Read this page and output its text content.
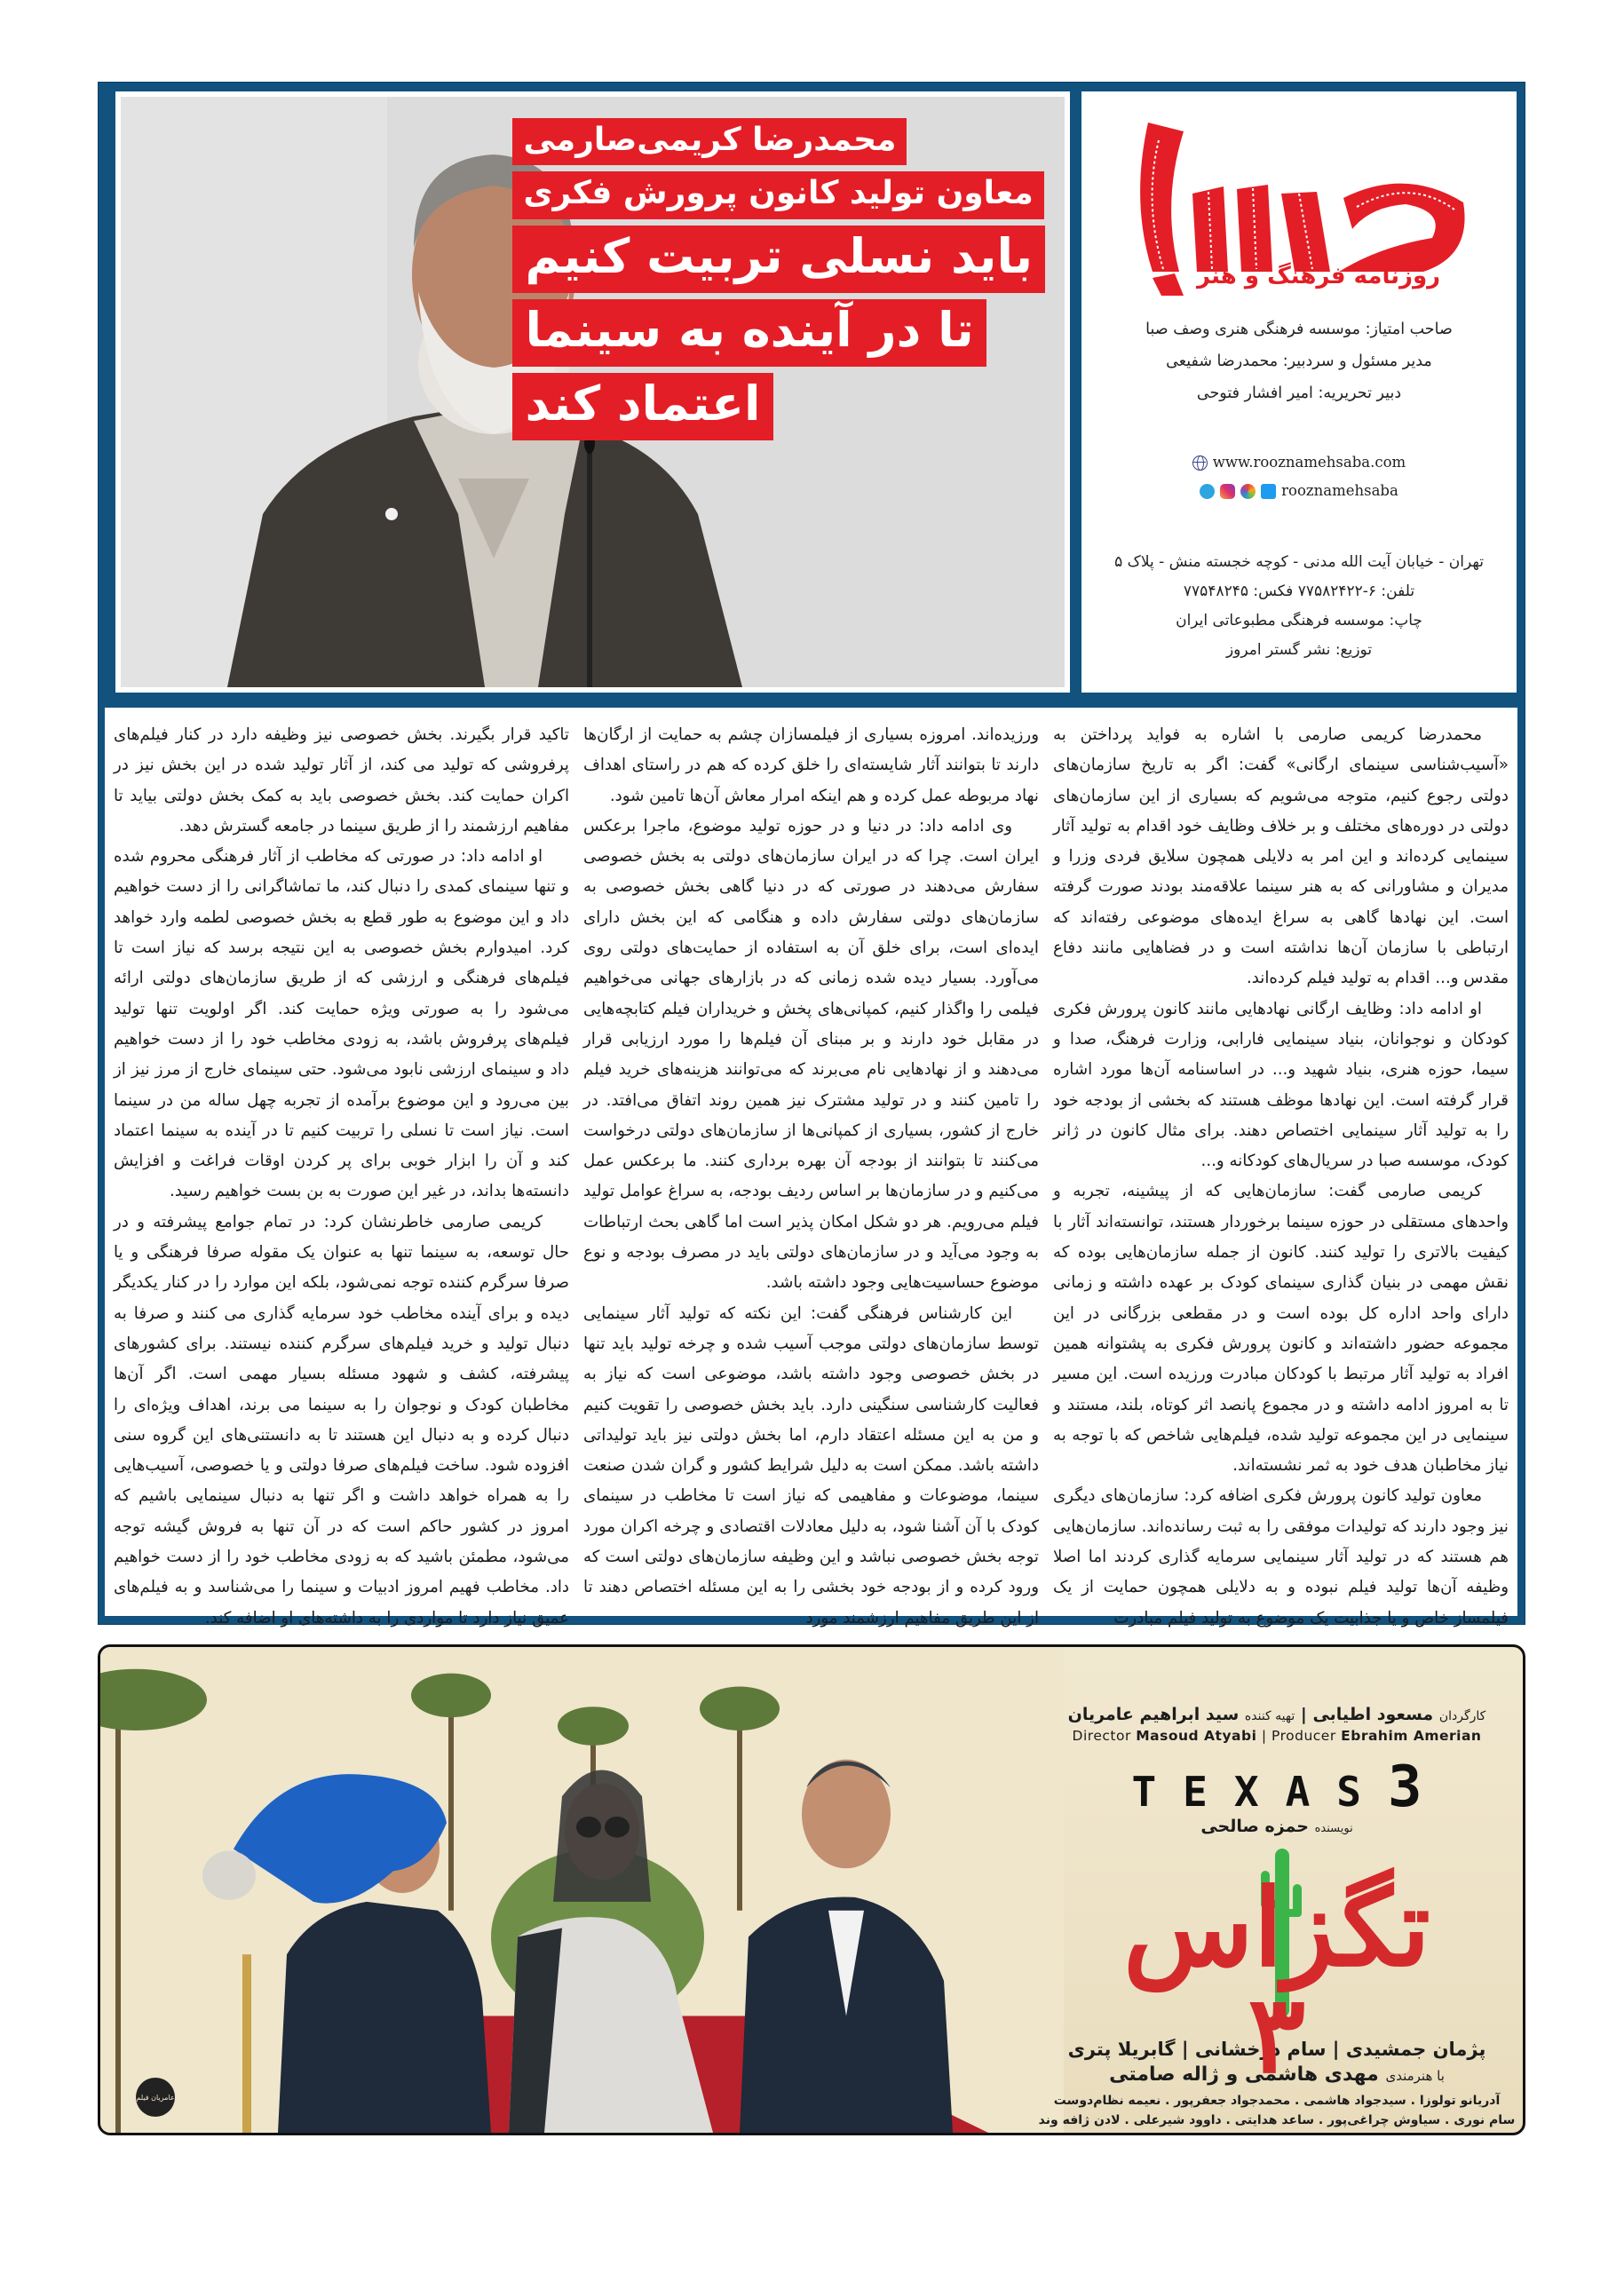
محمدرضا کریمی‌صارمی
معاون تولید کانون پرورش فکری
باید نسلی تربیت کنیم
تا در آینده به سینما
اعتماد کند
روزنامه فرهنگ و هنر
صاحب امتیاز: موسسه فرهنگی هنری وصف صبا
مدیر مسئول و سردبیر: محمدرضا شفیعی
دبیر تحریریه: امیر افشار فتوحی
www.rooznamehsaba.com
rooznamehsaba
تهران - خیابان آیت الله مدنی - کوچه خجسته منش - پلاک ۵
تلفن: ۶-۷۷۵۸۲۴۲۲ فکس: ۷۷۵۴۸۲۴۵
چاپ: موسسه فرهنگی مطبوعاتی ایران
توزیع: نشر گستر امروز

محمدرضا کریمی صارمی با اشاره به فواید پرداختن به «آسیب‌شناسی سینمای ارگانی» گفت: اگر به تاریخ سازمان‌های دولتی رجوع کنیم، متوجه می‌شویم که بسیاری از این سازمان‌های دولتی در دوره‌های مختلف و بر خلاف وظایف خود اقدام به تولید آثار سینمایی کرده‌اند و این امر به دلایلی همچون سلایق فردی وزرا و مدیران و مشاورانی که به هنر سینما علاقه‌مند بودند صورت گرفته است. این نهادها گاهی به سراغ ایده‌های موضوعی رفته‌اند که ارتباطی با سازمان آن‌ها نداشته است و در فضاهایی مانند دفاع مقدس و... اقدام به تولید فیلم کرده‌اند.

او ادامه داد: وظایف ارگانی نهادهایی مانند کانون پرورش فکری کودکان و نوجوانان، بنیاد سینمایی فارابی، وزارت فرهنگ، صدا و سیما، حوزه هنری، بنیاد شهید و... در اساسنامه آن‌ها مورد اشاره قرار گرفته است. این نهادها موظف هستند که بخشی از بودجه خود را به تولید آثار سینمایی اختصاص دهند. برای مثال کانون در ژانر کودک، موسسه صبا در سریال‌های کودکانه و...

کریمی صارمی گفت: سازمان‌هایی که از پیشینه، تجربه و واحدهای مستقلی در حوزه سینما برخوردار هستند، توانسته‌اند آثار با کیفیت بالاتری را تولید کنند. کانون از جمله سازمان‌هایی بوده که نقش مهمی در بنیان گذاری سینمای کودک بر عهده داشته و زمانی دارای واحد اداره کل بوده است و در مقطعی بزرگانی در این مجموعه حضور داشته‌اند و کانون پرورش فکری به پشتوانه همین افراد به تولید آثار مرتبط با کودکان مبادرت ورزیده است. این مسیر تا به امروز ادامه داشته و در مجموع پانصد اثر کوتاه، بلند، مستند و سینمایی در این مجموعه تولید شده، فیلم‌هایی شاخص که با توجه به نیاز مخاطبان هدف خود به ثمر نشسته‌اند.

معاون تولید کانون پرورش فکری اضافه کرد: سازمان‌های دیگری نیز وجود دارند که تولیدات موفقی را به ثبت رسانده‌اند. سازمان‌هایی هم هستند که در تولید آثار سینمایی سرمایه گذاری کردند اما اصلا وظیفه آن‌ها تولید فیلم نبوده و به دلایلی همچون حمایت از یک فیلمساز خاص و یا جذابیت یک موضوع به تولید فیلم مبادرت

ورزیده‌اند. امروزه بسیاری از فیلمسازان چشم به حمایت از ارگان‌ها دارند تا بتوانند آثار شایسته‌ای را خلق کرده که هم در راستای اهداف نهاد مربوطه عمل کرده و هم اینکه امرار معاش آن‌ها تامین شود.

وی ادامه داد: در دنیا و در حوزه تولید موضوع، ماجرا برعکس ایران است. چرا که در ایران سازمان‌های دولتی به بخش خصوصی سفارش می‌دهند در صورتی که در دنیا گاهی بخش خصوصی به سازمان‌های دولتی سفارش داده و هنگامی که این بخش دارای ایده‌ای است، برای خلق آن به استفاده از حمایت‌های دولتی روی می‌آورد. بسیار دیده شده زمانی که در بازارهای جهانی می‌خواهیم فیلمی را واگذار کنیم، کمپانی‌های پخش و خریداران فیلم کتابچه‌هایی در مقابل خود دارند و بر مبنای آن فیلم‌ها را مورد ارزیابی قرار می‌دهند و از نهادهایی نام می‌برند که می‌توانند هزینه‌های خرید فیلم را تامین کنند و در تولید مشترک نیز همین روند اتفاق می‌افتد. در خارج از کشور، بسیاری از کمپانی‌ها از سازمان‌های دولتی درخواست می‌کنند تا بتوانند از بودجه آن بهره برداری کنند. ما برعکس عمل می‌کنیم و در سازمان‌ها بر اساس ردیف بودجه، به سراغ عوامل تولید فیلم می‌رویم. هر دو شکل امکان پذیر است اما گاهی بحث ارتباطات به وجود می‌آید و در سازمان‌های دولتی باید در مصرف بودجه و نوع موضوع حساسیت‌هایی وجود داشته باشد.

این کارشناس فرهنگی گفت: این نکته که تولید آثار سینمایی توسط سازمان‌های دولتی موجب آسیب شده و چرخه تولید باید تنها در بخش خصوصی وجود داشته باشد، موضوعی است که نیاز به فعالیت کارشناسی سنگینی دارد. باید بخش خصوصی را تقویت کنیم و من به این مسئله اعتقاد دارم، اما بخش دولتی نیز باید تولیداتی داشته باشد. ممکن است به دلیل شرایط کشور و گران شدن صنعت سینما، موضوعات و مفاهیمی که نیاز است تا مخاطب در سینمای کودک با آن آشنا شود، به دلیل معادلات اقتصادی و چرخه اکران مورد توجه بخش خصوصی نباشد و این وظیفه سازمان‌های دولتی است که ورود کرده و از بودجه خود بخشی را به این مسئله اختصاص دهند تا از این طریق مفاهیم ارزشمند مورد

تاکید قرار بگیرند. بخش خصوصی نیز وظیفه دارد در کنار فیلم‌های پرفروشی که تولید می کند، از آثار تولید شده در این بخش نیز در اکران حمایت کند. بخش خصوصی باید به کمک بخش دولتی بیاید تا مفاهیم ارزشمند را از طریق سینما در جامعه گسترش دهد.

او ادامه داد: در صورتی که مخاطب از آثار فرهنگی محروم شده و تنها سینمای کمدی را دنبال کند، ما تماشاگرانی را از دست خواهیم داد و این موضوع به طور قطع به بخش خصوصی لطمه وارد خواهد کرد. امیدوارم بخش خصوصی به این نتیجه برسد که نیاز است تا فیلم‌های فرهنگی و ارزشی که از طریق سازمان‌های دولتی ارائه می‌شود را به صورتی ویژه حمایت کند. اگر اولویت تنها تولید فیلم‌های پرفروش باشد، به زودی مخاطب خود را از دست خواهیم داد و سینمای ارزشی نابود می‌شود. حتی سینمای خارج از مرز نیز از بین می‌رود و این موضوع برآمده از تجربه چهل ساله من در سینما است. نیاز است تا نسلی را تربیت کنیم تا در آینده به سینما اعتماد کند و آن را ابزار خوبی برای پر کردن اوقات فراغت و افزایش دانسته‌ها بداند، در غیر این صورت به بن بست خواهیم رسید.

کریمی صارمی خاطرنشان کرد: در تمام جوامع پیشرفته و در حال توسعه، به سینما تنها به عنوان یک مقوله صرفا فرهنگی و یا صرفا سرگرم کننده توجه نمی‌شود، بلکه این موارد را در کنار یکدیگر دیده و برای آینده مخاطب خود سرمایه گذاری می کنند و صرفا به دنبال تولید و خرید فیلم‌های سرگرم کننده نیستند. برای کشورهای پیشرفته، کشف و شهود مسئله بسیار مهمی است. اگر آن‌ها مخاطبان کودک و نوجوان را به سینما می برند، اهداف ویژه‌ای را دنبال کرده و به دنبال این هستند تا به دانستنی‌های این گروه سنی افزوده شود. ساخت فیلم‌های صرفا دولتی و یا خصوصی، آسیب‌هایی را به همراه خواهد داشت و اگر تنها به دنبال سینمایی باشیم که امروز در کشور حاکم است که در آن تنها به فروش گیشه توجه می‌شود، مطمئن باشید که به زودی مخاطب خود را از دست خواهیم داد. مخاطب فهیم امروز ادبیات و سینما را می‌شناسد و به فیلم‌های عمیق نیاز دارد تا مواردی را به داشته‌های او اضافه کند.

عامریان فیلم
کارگردان مسعود اطیابی | تهیه کننده سید ابراهیم عامریان
Director Masoud Atyabi | Producer Ebrahim Amerian
TEXAS3
نویسنده حمزه صالحی
تگزاس ۳
پژمان جمشیدی | سام درخشانی | گابریلا پتری
با هنرمندی مهدی هاشمی و ژاله صامتی
آدریانو تولوزا . سیدجواد هاشمی . محمدجواد جعفرپور . نعیمه نظام‌دوست
سام نوری . سیاوش چراغی‌پور . ساعد هدایتی . داوود شیرعلی . لادن ژافه وند
